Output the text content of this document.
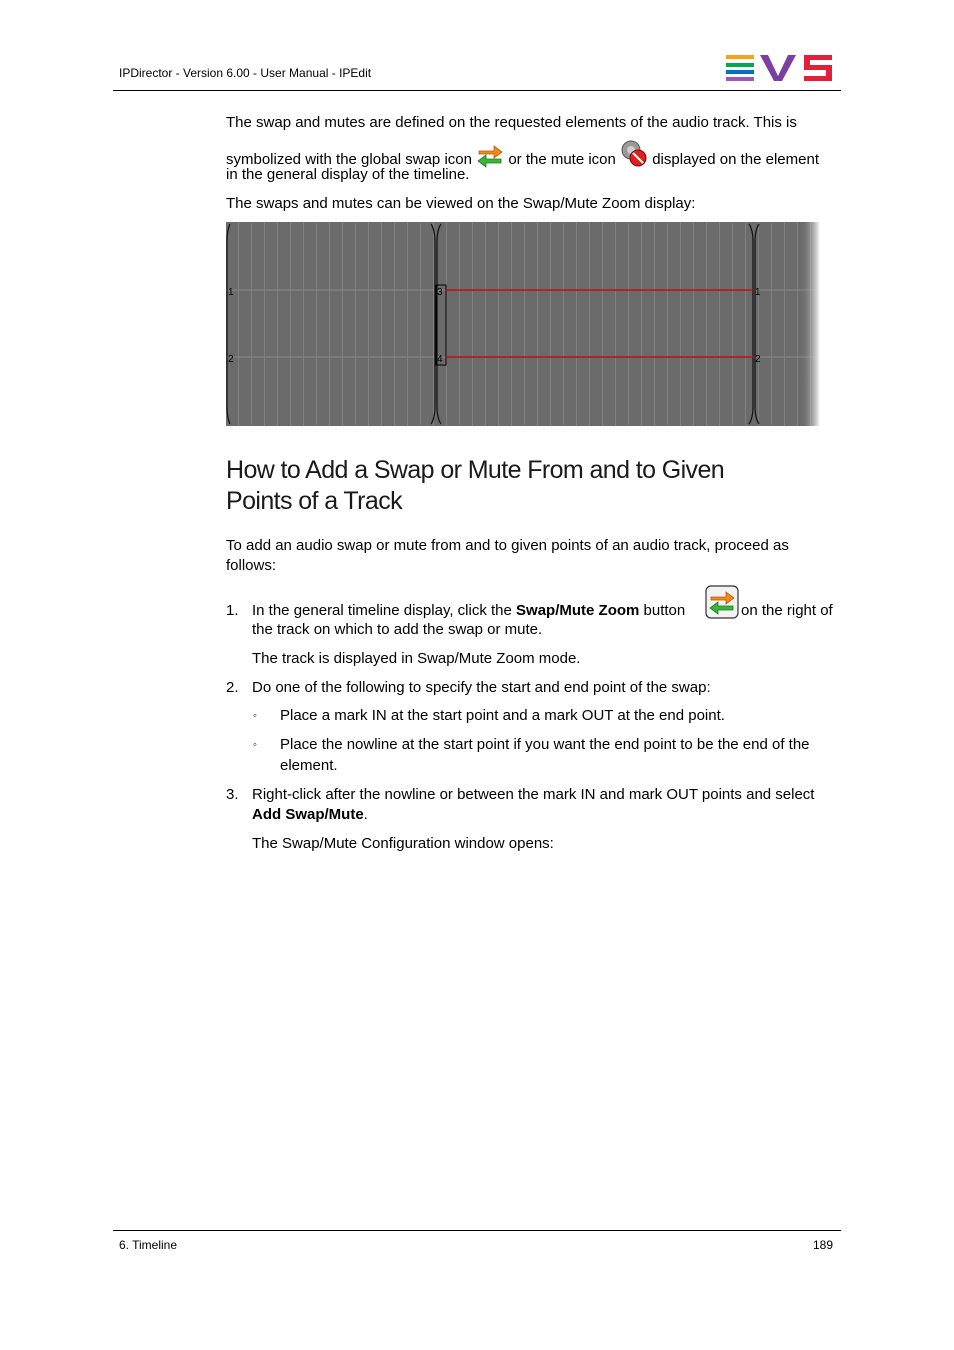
IPDirector - Version 6.00 - User Manual - IPEdit
The swap and mutes are defined on the requested elements of the audio track. This is
symbolized with the global swap icon or the mute icon displayed on the element
in the general display of the timeline.
The swaps and mutes can be viewed on the Swap/Mute Zoom display:
1
2
3
4
1
2
How to Add a Swap or Mute From and to Given
Points of a Track
To add an audio swap or mute from and to given points of an audio track, proceed as
follows:
1. In the general timeline display, click the Swap/Mute Zoom button	on the right of
the track on which to add the swap or mute.
The track is displayed in Swap/Mute Zoom mode.
2. Do one of the following to specify the start and end point of the swap:
◦ Place a mark IN at the start point and a mark OUT at the end point.
◦ Place the nowline at the start point if you want the end point to be the end of the
element.
3. Right-click after the nowline or between the mark IN and mark OUT points and select
Add Swap/Mute.
The Swap/Mute Configuration window opens:
6. Timeline	189
